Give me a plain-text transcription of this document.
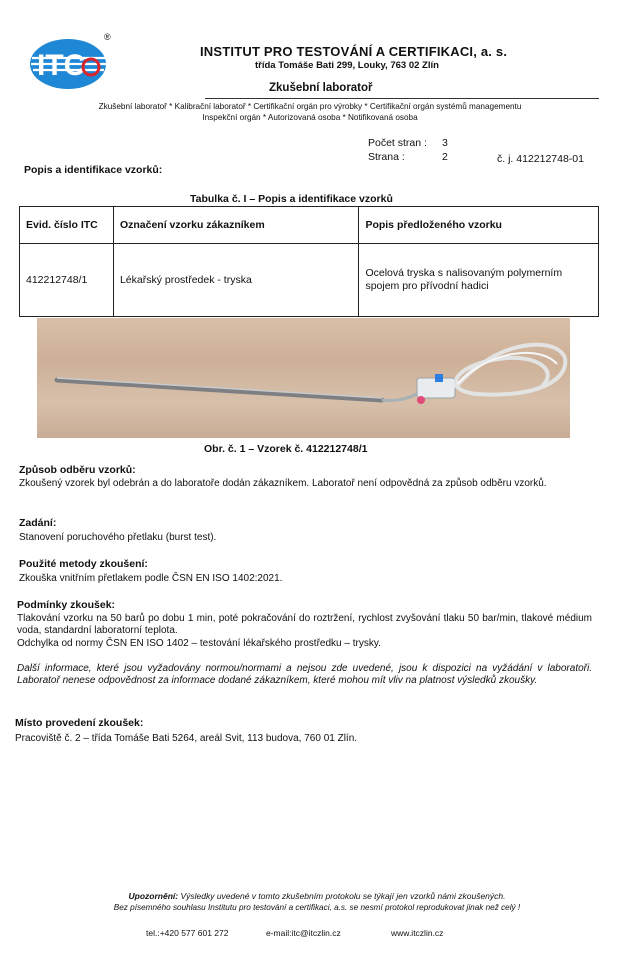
ITC
®
INSTITUT PRO TESTOVÁNÍ A CERTIFIKACI, a. s.
třída Tomáše Bati 299, Louky, 763 02 Zlín
Zkušební laboratoř
Zkušební laboratoř * Kalibrační laboratoř * Certifikační orgán pro výrobky * Certifikační orgán systémů managementu
Inspekční orgán * Autorizovaná osoba * Notifikovaná osoba
Počet stran : 3
Strana :	2	č. j. 412212748-01
Popis a identifikace vzorků:
Tabulka č. I – Popis a identifikace vzorků
Evid. číslo ITC	Označení vzorku zákazníkem	Popis předloženého vzorku
412212748/1	Lékařský prostředek - tryska	Ocelová tryska s nalisovaným polymerním spojem pro přívodní hadici
Obr. č. 1 – Vzorek č. 412212748/1
Způsob odběru vzorků:
Zkoušený vzorek byl odebrán a do laboratoře dodán zákazníkem. Laboratoř není odpovědná za způsob odběru vzorků.
Zadání:
Stanovení poruchového přetlaku (burst test).
Použité metody zkoušení:
Zkouška vnitřním přetlakem podle ČSN EN ISO 1402:2021.
Podmínky zkoušek:
Tlakování vzorku na 50 barů po dobu 1 min, poté pokračování do roztržení, rychlost zvyšování tlaku 50 bar/min, tlakové médium voda, standardní laboratorní teplota.
Odchylka od normy ČSN EN ISO 1402 – testování lékařského prostředku – trysky.
Další informace, které jsou vyžadovány normou/normami a nejsou zde uvedené, jsou k dispozici na vyžádání v laboratoři. Laboratoř nenese odpovědnost za informace dodané zákazníkem, které mohou mít vliv na platnost výsledků zkoušky.
Místo provedení zkoušek:
Pracoviště č. 2 – třída Tomáše Bati 5264, areál Svit, 113 budova, 760 01 Zlín.
Upozornění: Výsledky uvedené v tomto zkušebním protokolu se týkají jen vzorků námi zkoušených.
Bez písemného souhlasu Institutu pro testování a certifikaci, a.s. se nesmí protokol reprodukovat jinak než celý !
tel.:+420 577 601 272	e-mail:itc@itczlin.cz	www.itczlin.cz
